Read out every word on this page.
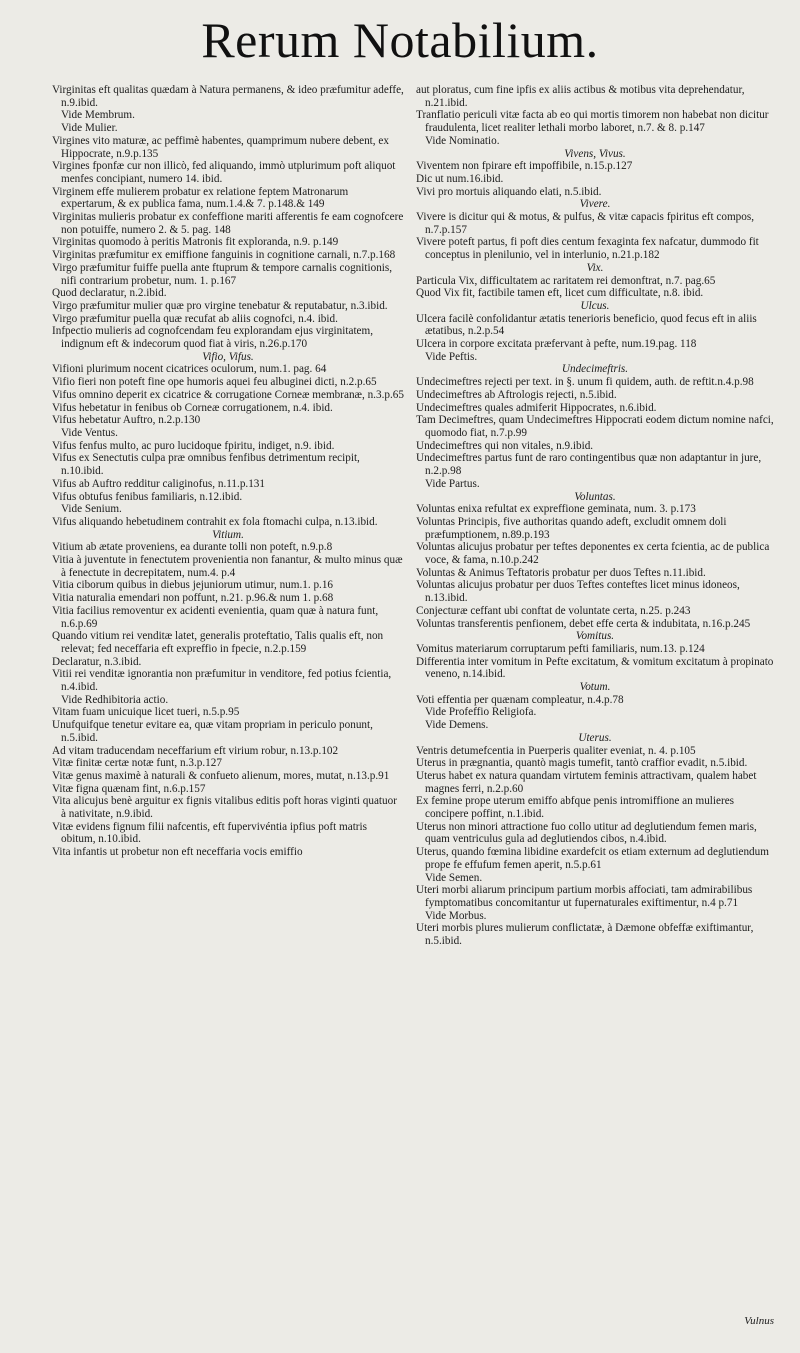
Rerum Notabilium.

Virginitas eft qualitas quædam à Natura permanens, & ideo præfumitur adeffe, n.9.ibid.

Vide Membrum.

Vide Mulier.

Virgines vito maturæ, ac peffimè habentes, quamprimum nubere debent, ex Hippocrate, n.9.p.135

Virgines fponfæ cur non illicò, fed aliquando, immò utplurimum poft aliquot menfes concipiant, numero 14. ibid.

Virginem effe mulierem probatur ex relatione feptem Matronarum expertarum, & ex publica fama, num.1.4.& 7. p.148.& 149

Virginitas mulieris probatur ex confeffione mariti afferentis fe eam cognofcere non potuiffe, numero 2. & 5. pag. 148

Virginitas quomodo à peritis Matronis fit exploranda, n.9. p.149

Virginitas præfumitur ex emiffione fanguinis in cognitione carnali, n.7.p.168

Virgo præfumitur fuiffe puella ante ftuprum & tempore carnalis cognitionis, nifi contrarium probetur, num. 1. p.167

Quod declaratur, n.2.ibid.

Virgo præfumitur mulier quæ pro virgine tenebatur & reputabatur, n.3.ibid.

Virgo præfumitur puella quæ recufat ab aliis cognofci, n.4. ibid.

Infpectio mulieris ad cognofcendam feu explorandam ejus virginitatem, indignum eft & indecorum quod fiat à viris, n.26.p.170

Vifio, Vifus.

Vifioni plurimum nocent cicatrices oculorum, num.1. pag. 64

Vifio fieri non poteft fine ope humoris aquei feu albuginei dicti, n.2.p.65

Vifus omnino deperit ex cicatrice & corrugatione Corneæ membranæ, n.3.p.65

Vifus hebetatur in fenibus ob Corneæ corrugationem, n.4. ibid.

Vifus hebetatur Auftro, n.2.p.130

Vide Ventus.

Vifus fenfus multo, ac puro lucidoque fpiritu, indiget, n.9. ibid.

Vifus ex Senectutis culpa præ omnibus fenfibus detrimentum recipit, n.10.ibid.

Vifus ab Auftro redditur caliginofus, n.11.p.131

Vifus obtufus fenibus familiaris, n.12.ibid.

Vide Senium.

Vifus aliquando hebetudinem contrahit ex fola ftomachi culpa, n.13.ibid.

Vitium.

Vitium ab ætate proveniens, ea durante tolli non poteft, n.9.p.8

Vitia à juventute in fenectutem provenientia non fanantur, & multo minus quæ à fenectute in decrepitatem, num.4. p.4

Vitia ciborum quibus in diebus jejuniorum utimur, num.1. p.16

Vitia naturalia emendari non poffunt, n.21. p.96.& num 1. p.68

Vitia facilius removentur ex acidenti evenientia, quam quæ à natura funt, n.6.p.69

Quando vitium rei venditæ latet, generalis proteftatio, Talis qualis eft, non relevat; fed neceffaria eft expreffio in fpecie, n.2.p.159

Declaratur, n.3.ibid.

Vitii rei venditæ ignorantia non præfumitur in venditore, fed potius fcientia, n.4.ibid.

Vide Redhibitoria actio.

Vitam fuam unicuique licet tueri, n.5.p.95

Unufquifque tenetur evitare ea, quæ vitam propriam in periculo ponunt, n.5.ibid.

Ad vitam traducendam neceffarium eft virium robur, n.13.p.102

Vitæ finitæ certæ notæ funt, n.3.p.127

Vitæ genus maximè à naturali & confueto alienum, mores, mutat, n.13.p.91

Vitæ figna quænam fint, n.6.p.157

Vita alicujus benè arguitur ex fignis vitalibus editis poft horas viginti quatuor à nativitate, n.9.ibid.

Vitæ evidens fignum filii nafcentis, eft fupervivéntia ipfius poft matris obitum, n.10.ibid.

Vita infantis ut probetur non eft neceffaria vocis emiffio

aut ploratus, cum fine ipfis ex aliis actibus & motibus vita deprehendatur, n.21.ibid.

Tranflatio periculi vitæ facta ab eo qui mortis timorem non habebat non dicitur fraudulenta, licet realiter lethali morbo laboret, n.7. & 8. p.147

Vide Nominatio.

Vivens, Vivus.

Viventem non fpirare eft impoffibile, n.15.p.127

Dic ut num.16.ibid.

Vivi pro mortuis aliquando elati, n.5.ibid.

Vivere.

Vivere is dicitur qui & motus, & pulfus, & vitæ capacis fpiritus eft compos, n.7.p.157

Vivere poteft partus, fi poft dies centum fexaginta fex nafcatur, dummodo fit conceptus in plenilunio, vel in interlunio, n.21.p.182

Vix.

Particula Vix, difficultatem ac raritatem rei demonftrat, n.7. pag.65

Quod Vix fit, factibile tamen eft, licet cum difficultate, n.8. ibid.

Ulcus.

Ulcera facilè confolidantur ætatis tenerioris beneficio, quod fecus eft in aliis ætatibus, n.2.p.54

Ulcera in corpore excitata præfervant à pefte, num.19.pag. 118

Vide Peftis.

Undecimeftris.

Undecimeftres rejecti per text. in §. unum fi quidem, auth. de reftit.n.4.p.98

Undecimeftres ab Aftrologis rejecti, n.5.ibid.

Undecimeftres quales admiferit Hippocrates, n.6.ibid.

Tam Decimeftres, quam Undecimeftres Hippocrati eodem dictum nomine nafci, quomodo fiat, n.7.p.99

Undecimeftres qui non vitales, n.9.ibid.

Undecimeftres partus funt de raro contingentibus quæ non adaptantur in jure, n.2.p.98

Vide Partus.

Voluntas.

Voluntas enixa refultat ex expreffione geminata, num. 3. p.173

Voluntas Principis, five authoritas quando adeft, excludit omnem doli præfumptionem, n.89.p.193

Voluntas alicujus probatur per teftes deponentes ex certa fcientia, ac de publica voce, & fama, n.10.p.242

Voluntas & Animus Teftatoris probatur per duos Teftes n.11.ibid.

Voluntas alicujus probatur per duos Teftes conteftes licet minus idoneos, n.13.ibid.

Conjecturæ ceffant ubi conftat de voluntate certa, n.25. p.243

Voluntas transferentis penfionem, debet effe certa & indubitata, n.16.p.245

Vomitus.

Vomitus materiarum corruptarum pefti familiaris, num.13. p.124

Differentia inter vomitum in Pefte excitatum, & vomitum excitatum à propinato veneno, n.14.ibid.

Votum.

Voti effentia per quænam compleatur, n.4.p.78

Vide Profeffio Religiofa.

Vide Demens.

Uterus.

Ventris detumefcentia in Puerperis qualiter eveniat, n. 4. p.105

Uterus in prægnantia, quantò magis tumefit, tantò craffior evadit, n.5.ibid.

Uterus habet ex natura quandam virtutem feminis attractivam, qualem habet magnes ferri, n.2.p.60

Ex femine prope uterum emiffo abfque penis intromiffione an mulieres concipere poffint, n.1.ibid.

Uterus non minori attractione fuo collo utitur ad deglutiendum femen maris, quam ventriculus gula ad deglutiendos cibos, n.4.ibid.

Uterus, quando fœmina libidine exardefcit os etiam externum ad deglutiendum prope fe effufum femen aperit, n.5.p.61

Vide Semen.

Uteri morbi aliarum principum partium morbis affociati, tam admirabilibus fymptomatibus concomitantur ut fupernaturales exiftimentur, n.4 p.71

Vide Morbus.

Uteri morbis plures mulierum conflictatæ, à Dæmone obfeffæ exiftimantur, n.5.ibid.

Vulnus
